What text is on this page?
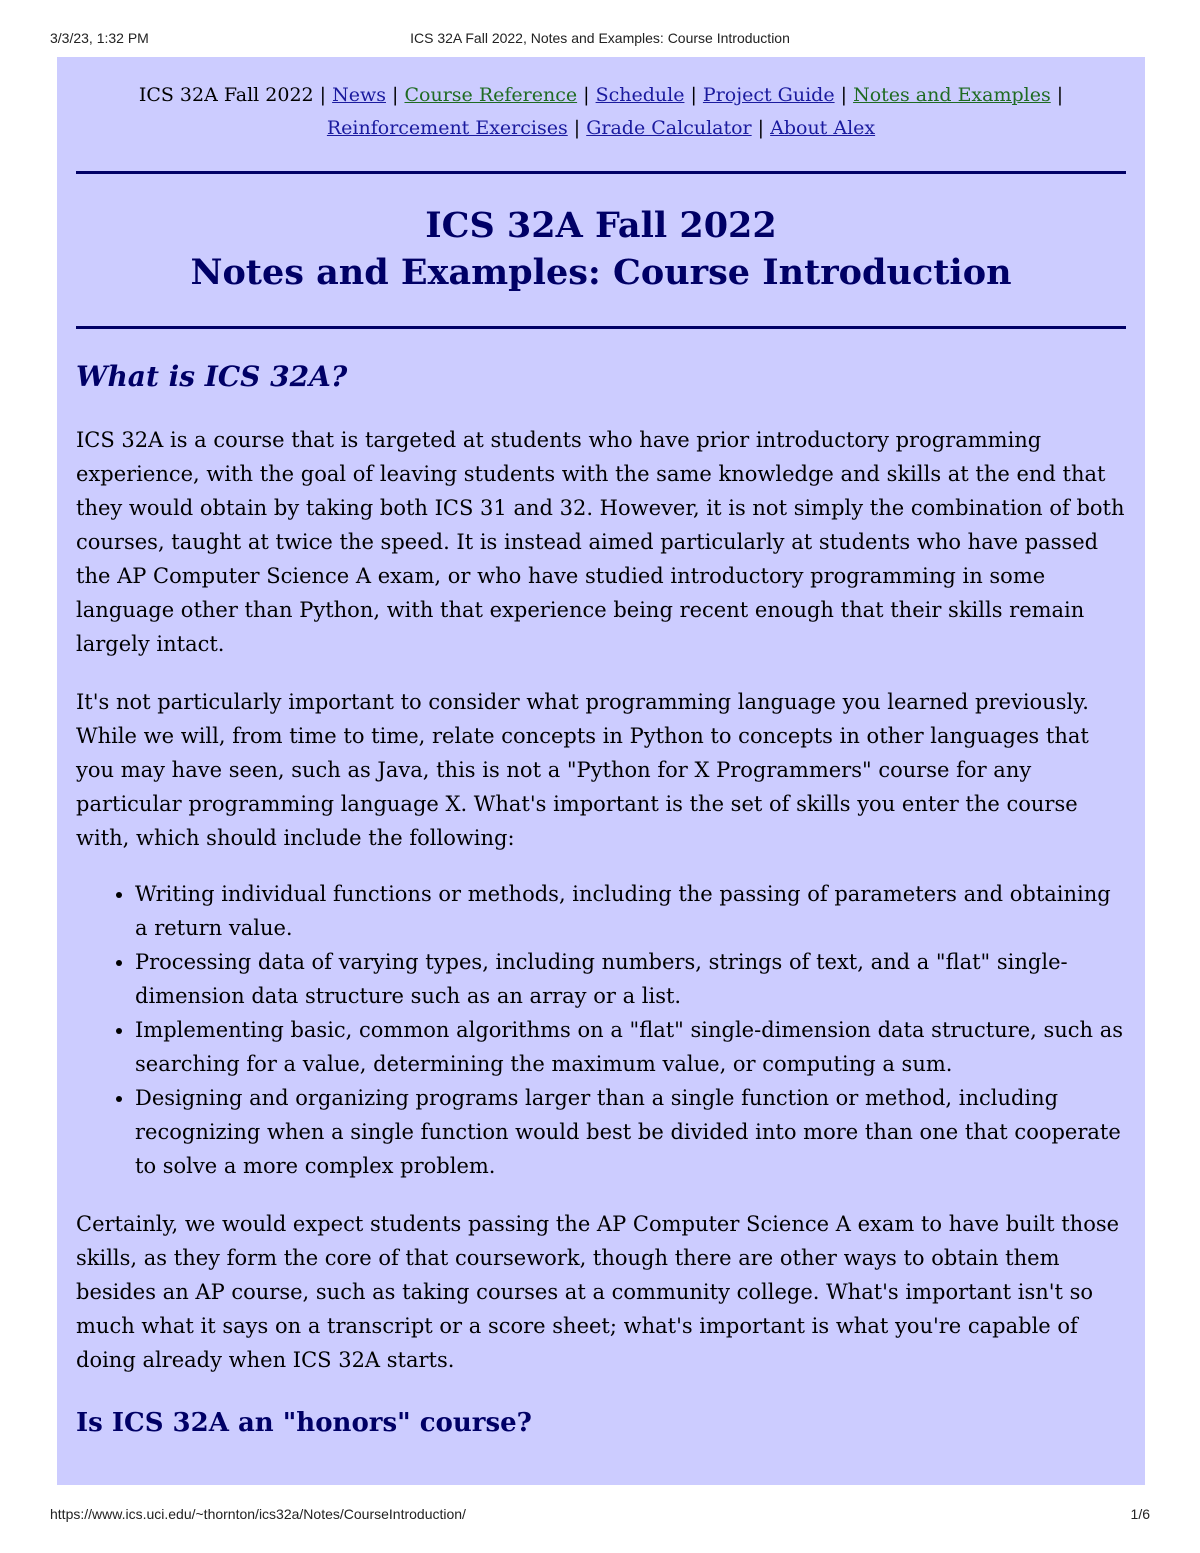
3/3/23, 1:32 PM	ICS 32A Fall 2022, Notes and Examples: Course Introduction
ICS 32A Fall 2022 | News | Course Reference | Schedule | Project Guide | Notes and Examples | Reinforcement Exercises | Grade Calculator | About Alex
ICS 32A Fall 2022
Notes and Examples: Course Introduction
What is ICS 32A?

ICS 32A is a course that is targeted at students who have prior introductory programming experience, with the goal of leaving students with the same knowledge and skills at the end that they would obtain by taking both ICS 31 and 32. However, it is not simply the combination of both courses, taught at twice the speed. It is instead aimed particularly at students who have passed the AP Computer Science A exam, or who have studied introductory programming in some language other than Python, with that experience being recent enough that their skills remain largely intact.

It's not particularly important to consider what programming language you learned previously. While we will, from time to time, relate concepts in Python to concepts in other languages that you may have seen, such as Java, this is not a "Python for X Programmers" course for any particular programming language X. What's important is the set of skills you enter the course with, which should include the following:

• Writing individual functions or methods, including the passing of parameters and obtaining a return value.
• Processing data of varying types, including numbers, strings of text, and a "flat" single-dimension data structure such as an array or a list.
• Implementing basic, common algorithms on a "flat" single-dimension data structure, such as searching for a value, determining the maximum value, or computing a sum.
• Designing and organizing programs larger than a single function or method, including recognizing when a single function would best be divided into more than one that cooperate to solve a more complex problem.

Certainly, we would expect students passing the AP Computer Science A exam to have built those skills, as they form the core of that coursework, though there are other ways to obtain them besides an AP course, such as taking courses at a community college. What's important isn't so much what it says on a transcript or a score sheet; what's important is what you're capable of doing already when ICS 32A starts.

Is ICS 32A an "honors" course?
https://www.ics.uci.edu/~thornton/ics32a/Notes/CourseIntroduction/	1/6
